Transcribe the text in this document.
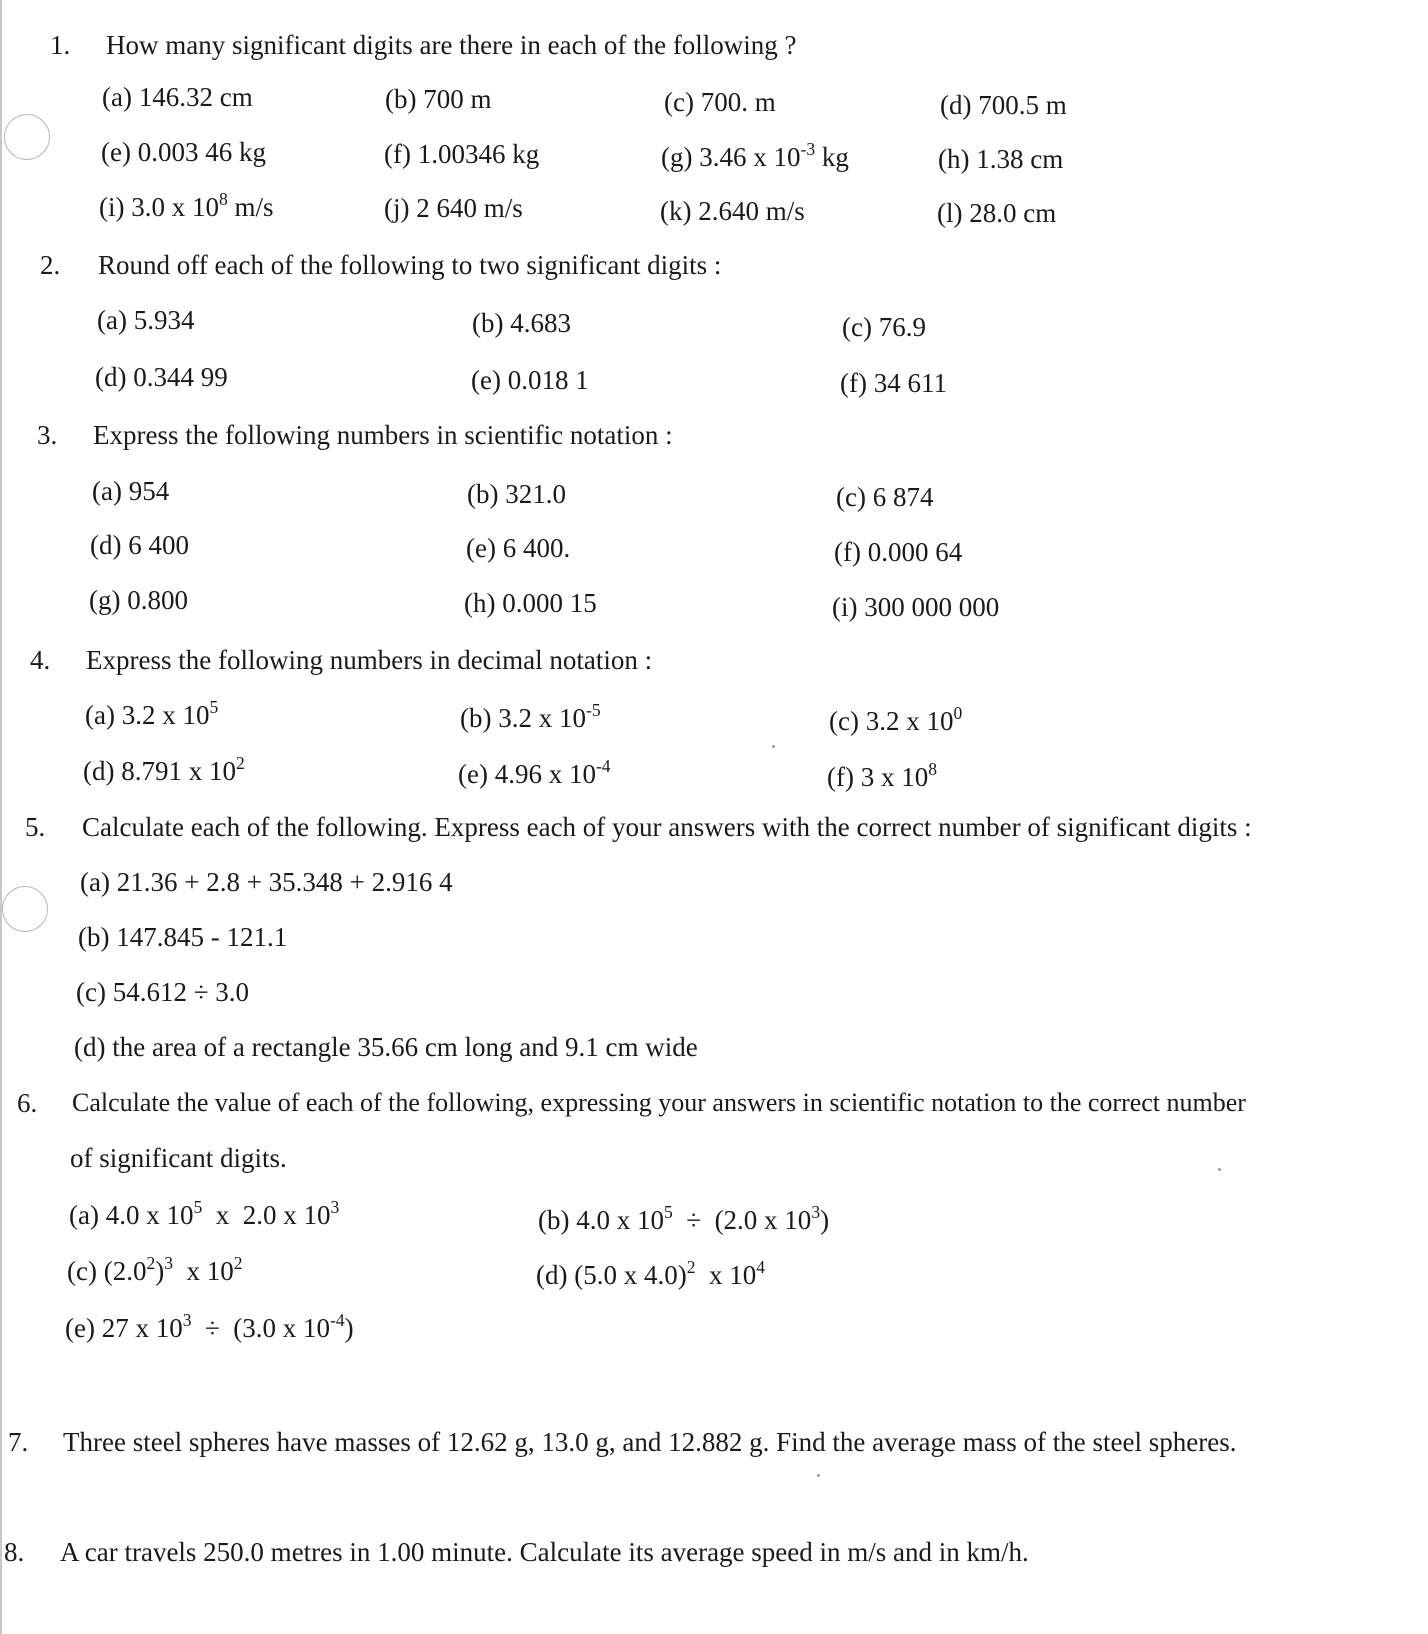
1. How many significant digits are there in each of the following ?
(a) 146.32 cm	(b) 700 m	(c) 700. m	(d) 700.5 m
(e) 0.003 46 kg	(f) 1.00346 kg	(g) 3.46 x $10^{-3}$ kg	(h) 1.38 cm
(i) 3.0 x $10^8$ m/s	(j) 2 640 m/s	(k) 2.640 m/s	(l) 28.0 cm
2. Round off each of the following to two significant digits :
(a) 5.934	(b) 4.683	(c) 76.9
(d) 0.344 99	(e) 0.018 1	(f) 34 611
3. Express the following numbers in scientific notation :
(a) 954	(b) 321.0	(c) 6 874
(d) 6 400	(e) 6 400.	(f) 0.000 64
(g) 0.800	(h) 0.000 15	(i) 300 000 000
4. Express the following numbers in decimal notation :
(a) 3.2 x $10^5$	(b) 3.2 x $10^{-5}$	(c) 3.2 x $10^0$
(d) 8.791 x $10^2$	(e) 4.96 x $10^{-4}$	(f) 3 x $10^8$
5. Calculate each of the following. Express each of your answers with the correct number of significant digits :
(a) 21.36 + 2.8 + 35.348 + 2.916 4
(b) 147.845 - 121.1
(c) 54.612 ÷ 3.0
(d) the area of a rectangle 35.66 cm long and 9.1 cm wide
6. Calculate the value of each of the following, expressing your answers in scientific notation to the correct number
of significant digits.
(a) 4.0 x $10^5$  x  2.0 x $10^3$	(b) 4.0 x $10^5 \div (2.0$ x $10^3$)
(c) $(2.0^2)^3$  x $10^2$	(d) (5.0 x 4.0)$^2$  x $10^4$
(e) 27 x $10^3 \div (3.0$ x $10^{-4}$)
7. Three steel spheres have masses of 12.62 g, 13.0 g, and 12.882 g. Find the average mass of the steel spheres.
8. A car travels 250.0 metres in 1.00 minute. Calculate its average speed in m/s and in km/h.
